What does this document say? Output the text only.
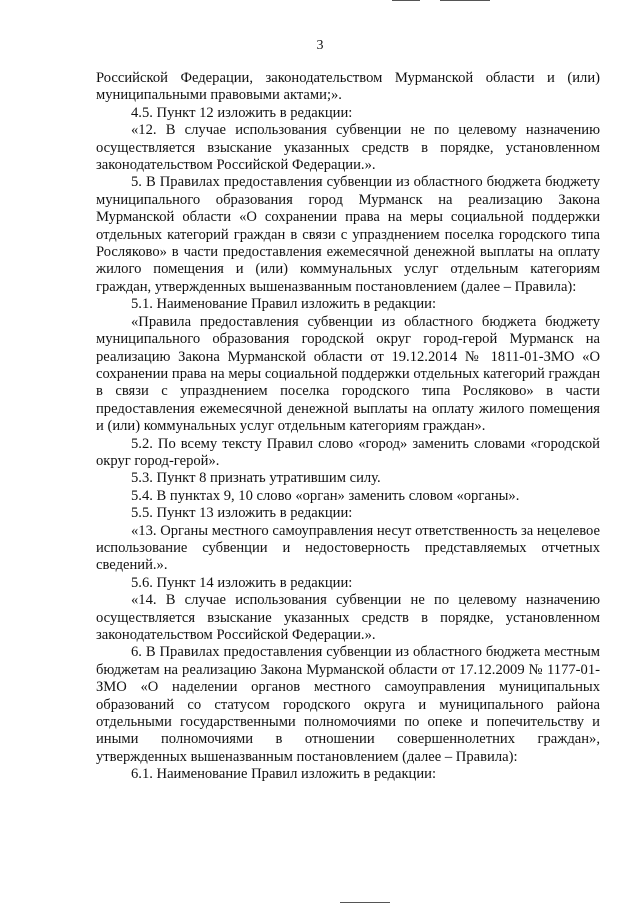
3

Российской Федерации, законодательством Мурманской области и (или) муниципальными правовыми актами;».

4.5. Пункт 12 изложить в редакции:

«12. В случае использования субвенции не по целевому назначению осуществляется взыскание указанных средств в порядке, установленном законодательством Российской Федерации.».

5. В Правилах предоставления субвенции из областного бюджета бюджету муниципального образования город Мурманск на реализацию Закона Мурманской области «О сохранении права на меры социальной поддержки отдельных категорий граждан в связи с упразднением поселка городского типа Росляково» в части предоставления ежемесячной денежной выплаты на оплату жилого помещения и (или) коммунальных услуг отдельным категориям граждан, утвержденных вышеназванным постановлением (далее – Правила):

5.1. Наименование Правил изложить в редакции:

«Правила предоставления субвенции из областного бюджета бюджету муниципального образования городской округ город-герой Мурманск на реализацию Закона Мурманской области от 19.12.2014 № 1811-01-ЗМО «О сохранении права на меры социальной поддержки отдельных категорий граждан в связи с упразднением поселка городского типа Росляково» в части предоставления ежемесячной денежной выплаты на оплату жилого помещения и (или) коммунальных услуг отдельным категориям граждан».

5.2. По всему тексту Правил слово «город» заменить словами «городской округ город-герой».

5.3. Пункт 8 признать утратившим силу.

5.4. В пунктах 9, 10 слово «орган» заменить словом «органы».

5.5. Пункт 13 изложить в редакции:

«13. Органы местного самоуправления несут ответственность за нецелевое использование субвенции и недостоверность представляемых отчетных сведений.».

5.6. Пункт 14 изложить в редакции:

«14. В случае использования субвенции не по целевому назначению осуществляется взыскание указанных средств в порядке, установленном законодательством Российской Федерации.».

6. В Правилах предоставления субвенции из областного бюджета местным бюджетам на реализацию Закона Мурманской области от 17.12.2009 № 1177-01-ЗМО «О наделении органов местного самоуправления муниципальных образований со статусом городского округа и муниципального района отдельными государственными полномочиями по опеке и попечительству и иными полномочиями в отношении совершеннолетних граждан», утвержденных вышеназванным постановлением (далее – Правила):

6.1. Наименование Правил изложить в редакции:
